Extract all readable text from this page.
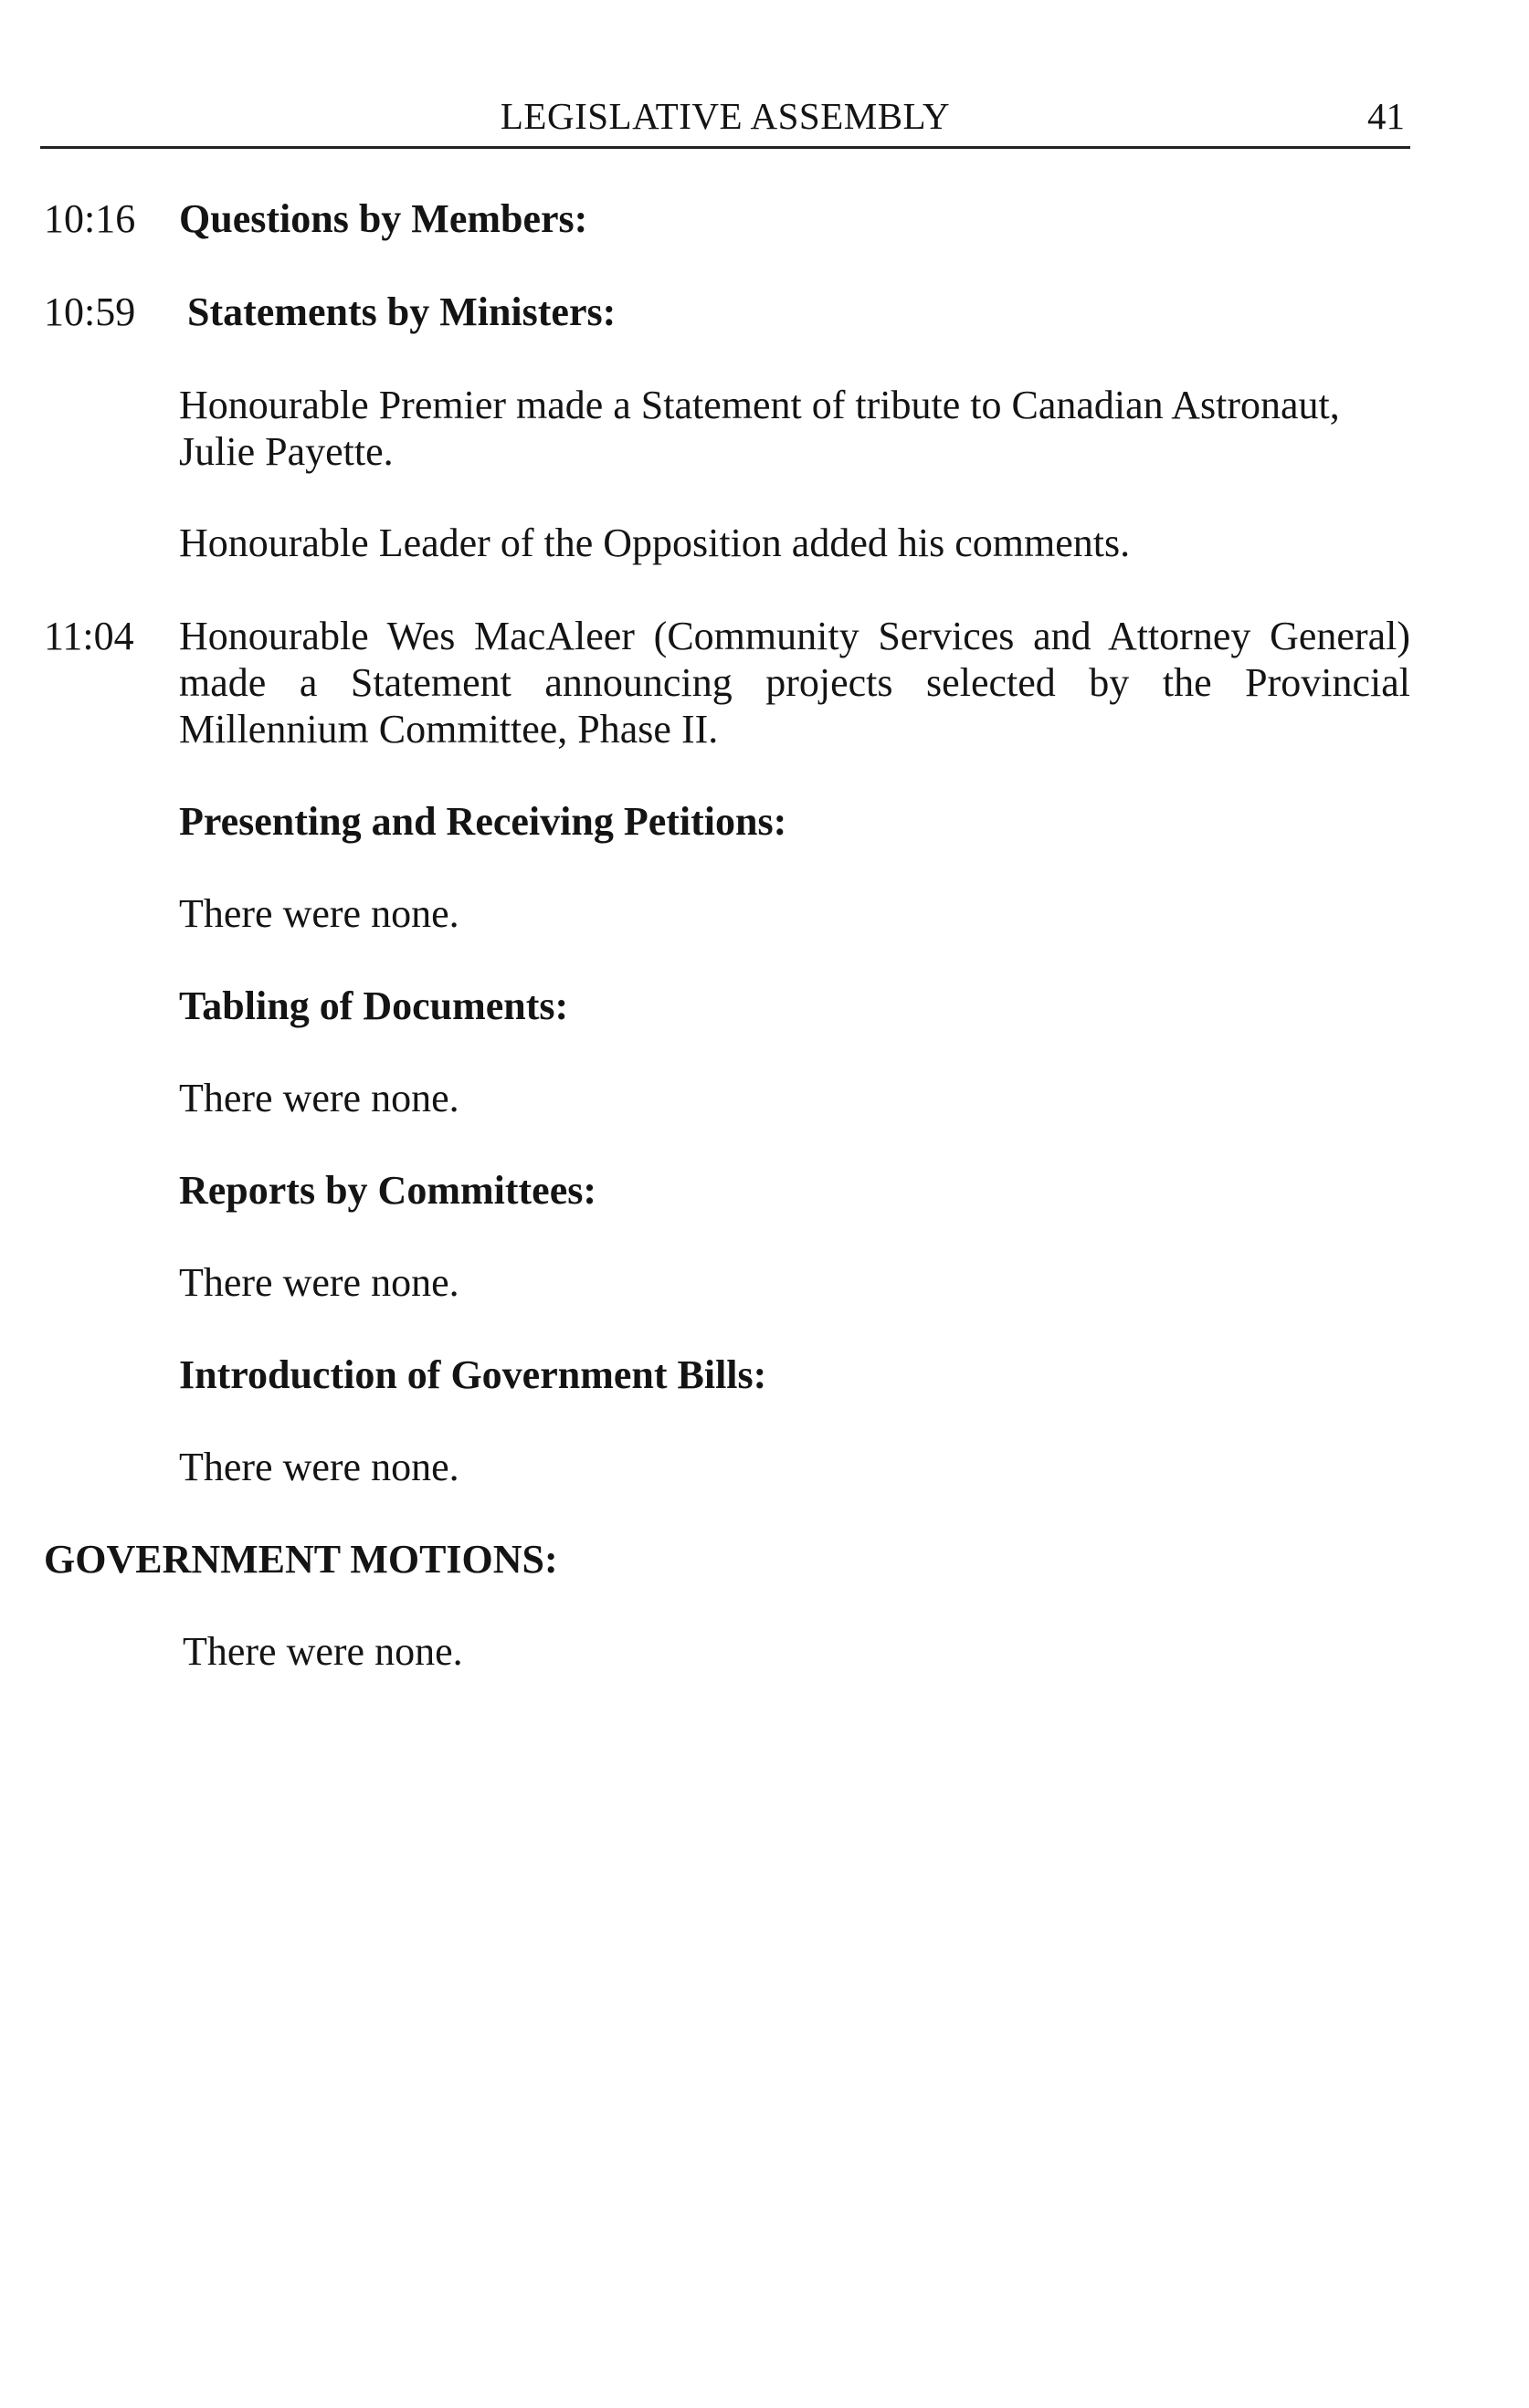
LEGISLATIVE ASSEMBLY	41
10:16 Questions by Members:
10:59 Statements by Ministers:
Honourable Premier made a Statement of tribute to Canadian Astronaut, Julie Payette.
Honourable Leader of the Opposition added his comments.
11:04 Honourable Wes MacAleer (Community Services and Attorney General) made a Statement announcing projects selected by the Provincial Millennium Committee, Phase II.
Presenting and Receiving Petitions:
There were none.
Tabling of Documents:
There were none.
Reports by Committees:
There were none.
Introduction of Government Bills:
There were none.
GOVERNMENT MOTIONS:
There were none.
